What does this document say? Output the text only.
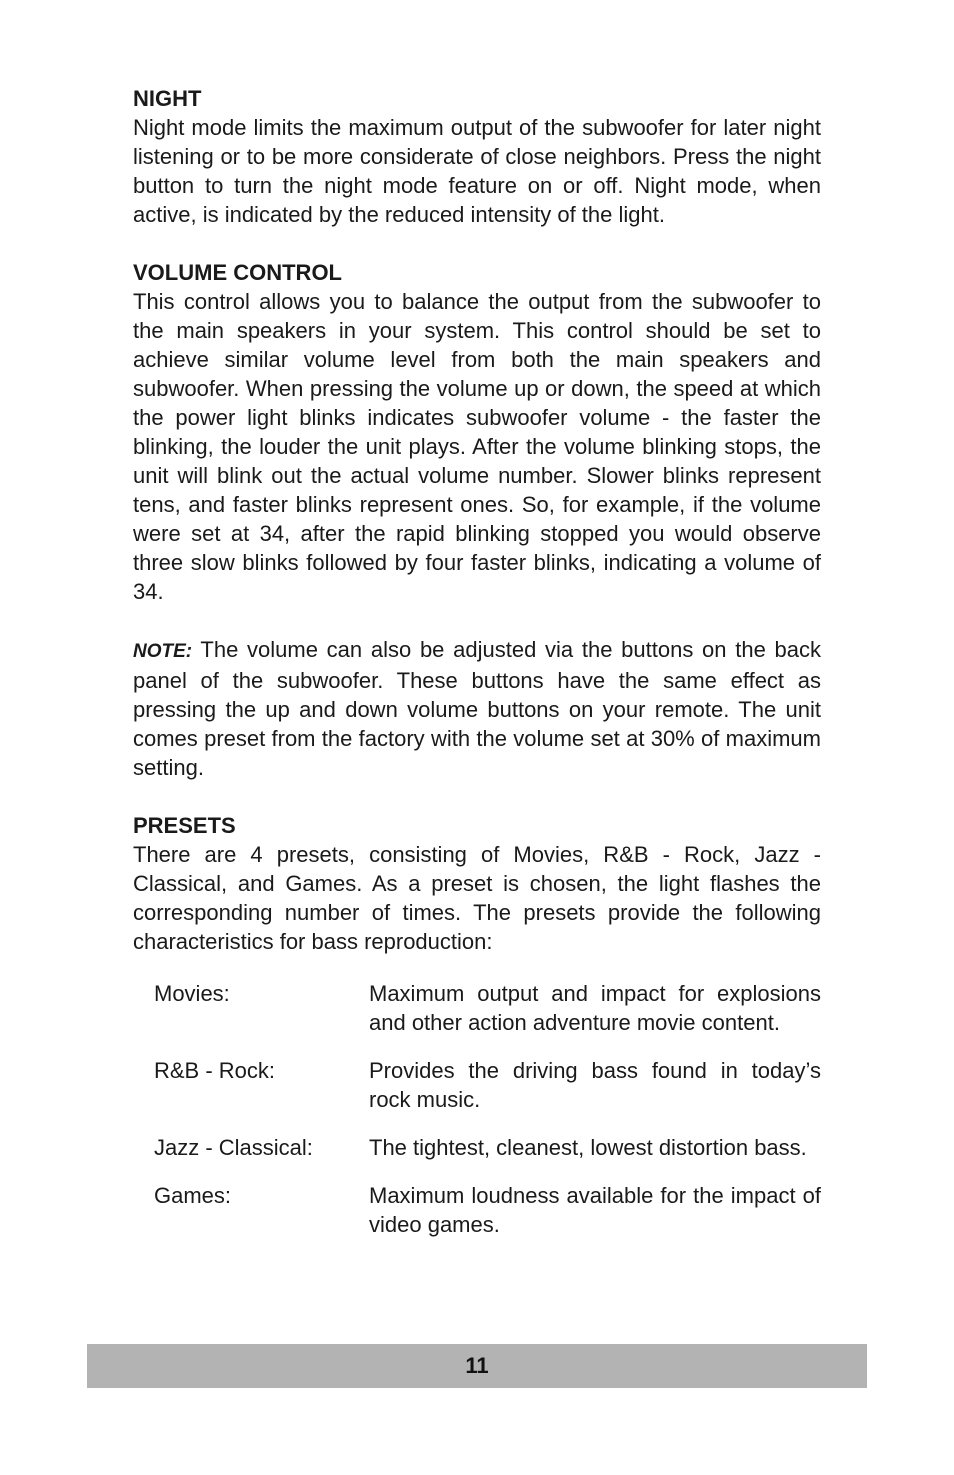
NIGHT

Night mode limits the maximum output of the subwoofer for later night listening or to be more considerate of close neighbors. Press the night button to turn the night mode feature on or off. Night mode, when active, is indicated by the reduced intensity of the light.

VOLUME CONTROL

This control allows you to balance the output from the subwoofer to the main speakers in your system. This control should be set to achieve similar volume level from both the main speakers and subwoofer. When pressing the volume up or down, the speed at which the power light blinks indicates subwoofer volume - the faster the blinking, the louder the unit plays. After the volume blinking stops, the unit will blink out the actual volume number. Slower blinks represent tens, and faster blinks represent ones. So, for example, if the volume were set at 34, after the rapid blinking stopped you would observe three slow blinks followed by four faster blinks, indicating a volume of 34.

NOTE: The volume can also be adjusted via the buttons on the back panel of the subwoofer. These buttons have the same effect as pressing the up and down volume buttons on your remote. The unit comes preset from the factory with the volume set at 30% of maximum setting.

PRESETS

There are 4 presets, consisting of Movies, R&B - Rock, Jazz - Classical, and Games. As a preset is chosen, the light flashes the corresponding number of times. The presets provide the following characteristics for bass reproduction:

Movies:	Maximum output and impact for explosions and other action adventure movie content.
R&B - Rock:	Provides the driving bass found in today’s rock music.
Jazz - Classical:	The tightest, cleanest, lowest distortion bass.
Games:	Maximum loudness available for the impact of video games.
11
